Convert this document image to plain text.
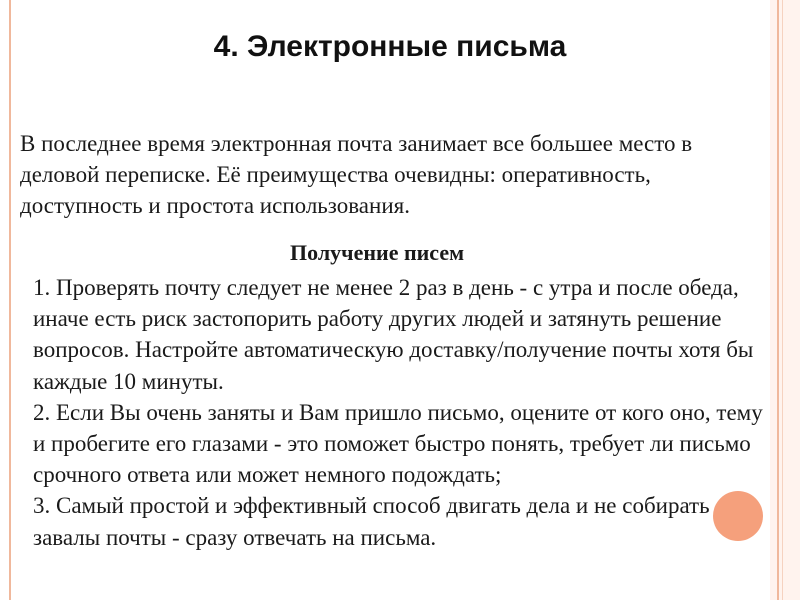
4. Электронные письма

В последнее время электронная почта занимает все большее место в деловой переписке. Её преимущества очевидны: оперативность, доступность и простота использования.

Получение писем

1. Проверять почту следует не менее 2 раз в день - с утра и после обеда, иначе есть риск застопорить работу других людей и затянуть решение вопросов. Настройте автоматическую доставку/получение почты хотя бы каждые 10 минуты.

2. Если Вы очень заняты и Вам пришло письмо, оцените от кого оно, тему и пробегите его глазами - это поможет быстро понять, требует ли письмо срочного ответа или может немного подождать;

3. Самый простой и эффективный способ двигать дела и не собирать завалы почты - сразу отвечать на письма.
